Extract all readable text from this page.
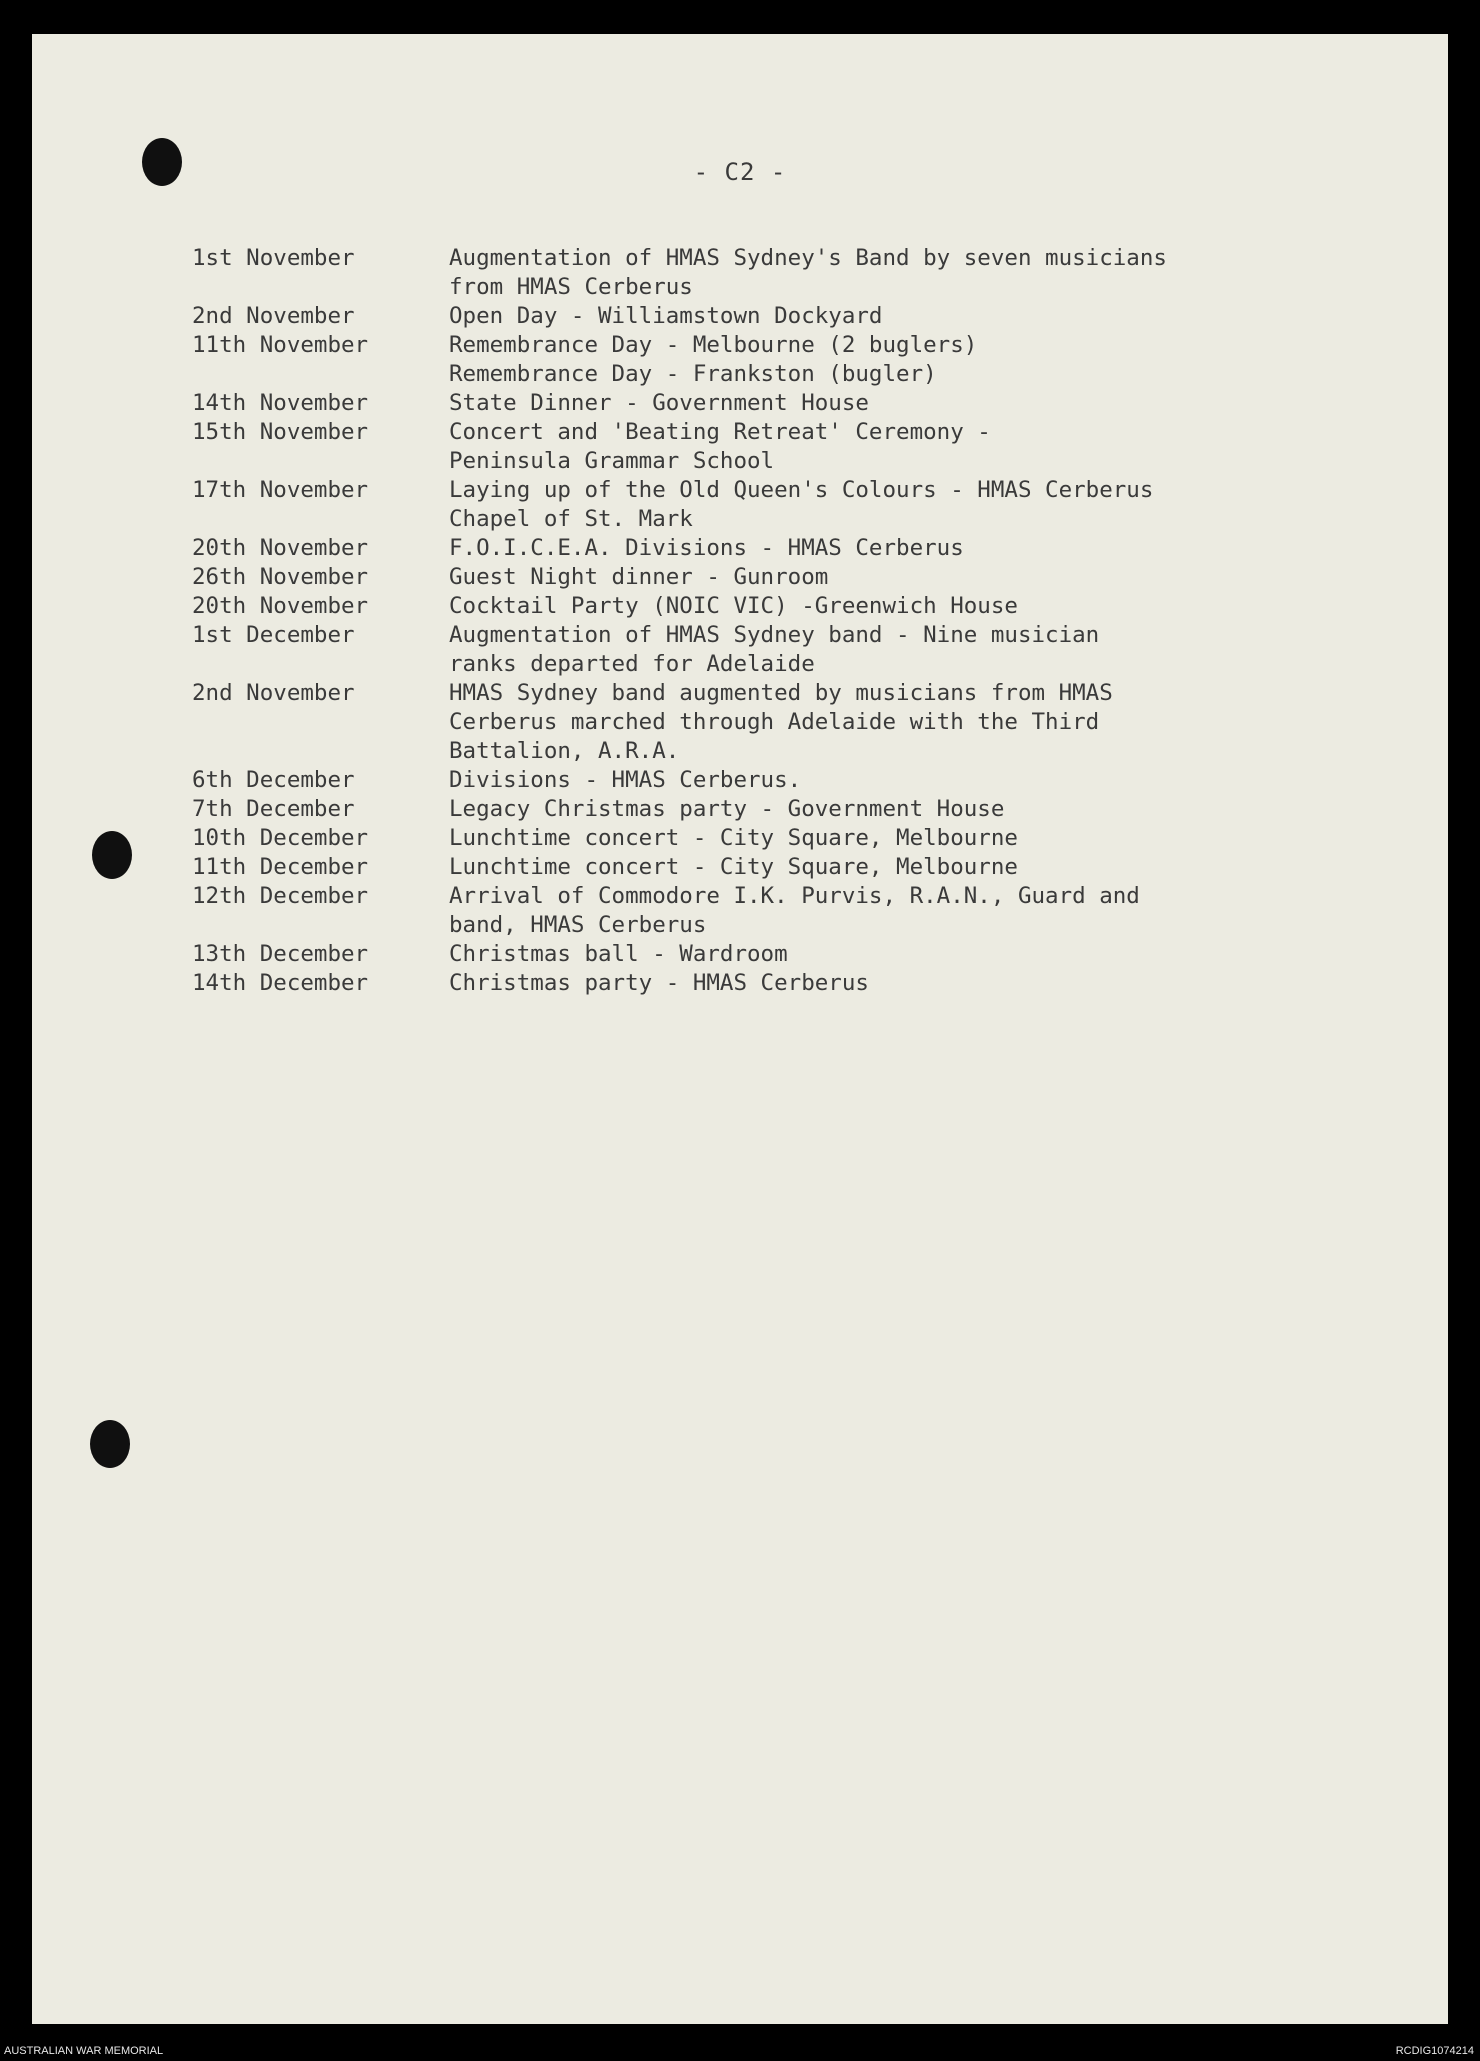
- C2 -
1st November	Augmentation of HMAS Sydney's Band by seven musicians
from HMAS Cerberus
2nd November	Open Day - Williamstown Dockyard
11th November	Remembrance Day - Melbourne (2 buglers)
Remembrance Day - Frankston (bugler)
14th November	State Dinner - Government House
15th November	Concert and 'Beating Retreat' Ceremony -
Peninsula Grammar School
17th November	Laying up of the Old Queen's Colours - HMAS Cerberus
Chapel of St. Mark
20th November	F.O.I.C.E.A. Divisions - HMAS Cerberus
26th November	Guest Night dinner - Gunroom
20th November	Cocktail Party (NOIC VIC) -Greenwich House
1st December	Augmentation of HMAS Sydney band - Nine musician
ranks departed for Adelaide
2nd November	HMAS Sydney band augmented by musicians from HMAS
Cerberus marched through Adelaide with the Third
Battalion, A.R.A.
6th December	Divisions - HMAS Cerberus.
7th December	Legacy Christmas party - Government House
10th December	Lunchtime concert - City Square, Melbourne
11th December	Lunchtime concert - City Square, Melbourne
12th December	Arrival of Commodore I.K. Purvis, R.A.N., Guard and
band, HMAS Cerberus
13th December	Christmas ball - Wardroom
14th December	Christmas party - HMAS Cerberus
AUSTRALIAN WAR MEMORIAL	RCDIG1074214
